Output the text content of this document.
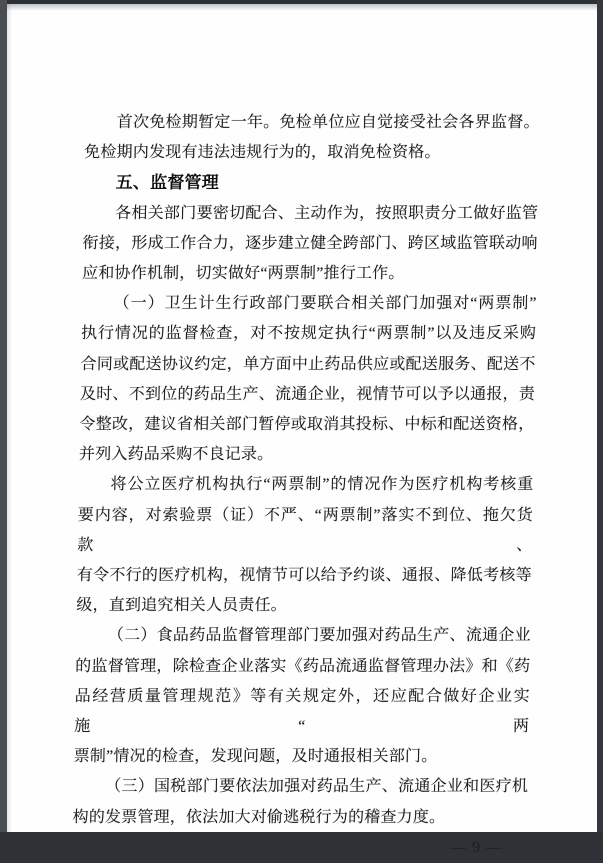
首次免检期暂定一年。免检单位应自觉接受社会各界监督。
免检期内发现有违法违规行为的，取消免检资格。
五、监督管理
各相关部门要密切配合、主动作为，按照职责分工做好监管
衔接，形成工作合力，逐步建立健全跨部门、跨区域监管联动响
应和协作机制，切实做好“两票制”推行工作。
（一）卫生计生行政部门要联合相关部门加强对“两票制”
执行情况的监督检查，对不按规定执行“两票制”以及违反采购
合同或配送协议约定，单方面中止药品供应或配送服务、配送不
及时、不到位的药品生产、流通企业，视情节可以予以通报，责
令整改，建议省相关部门暂停或取消其投标、中标和配送资格，
并列入药品采购不良记录。
将公立医疗机构执行“两票制”的情况作为医疗机构考核重
要内容，对索验票（证）不严、“两票制”落实不到位、拖欠货款、
有令不行的医疗机构，视情节可以给予约谈、通报、降低考核等
级，直到追究相关人员责任。
（二）食品药品监督管理部门要加强对药品生产、流通企业
的监督管理，除检查企业落实《药品流通监督管理办法》和《药
品经营质量管理规范》等有关规定外，还应配合做好企业实施“两
票制”情况的检查，发现问题，及时通报相关部门。
（三）国税部门要依法加强对药品生产、流通企业和医疗机
构的发票管理，依法加大对偷逃税行为的稽查力度。
— 9 —
